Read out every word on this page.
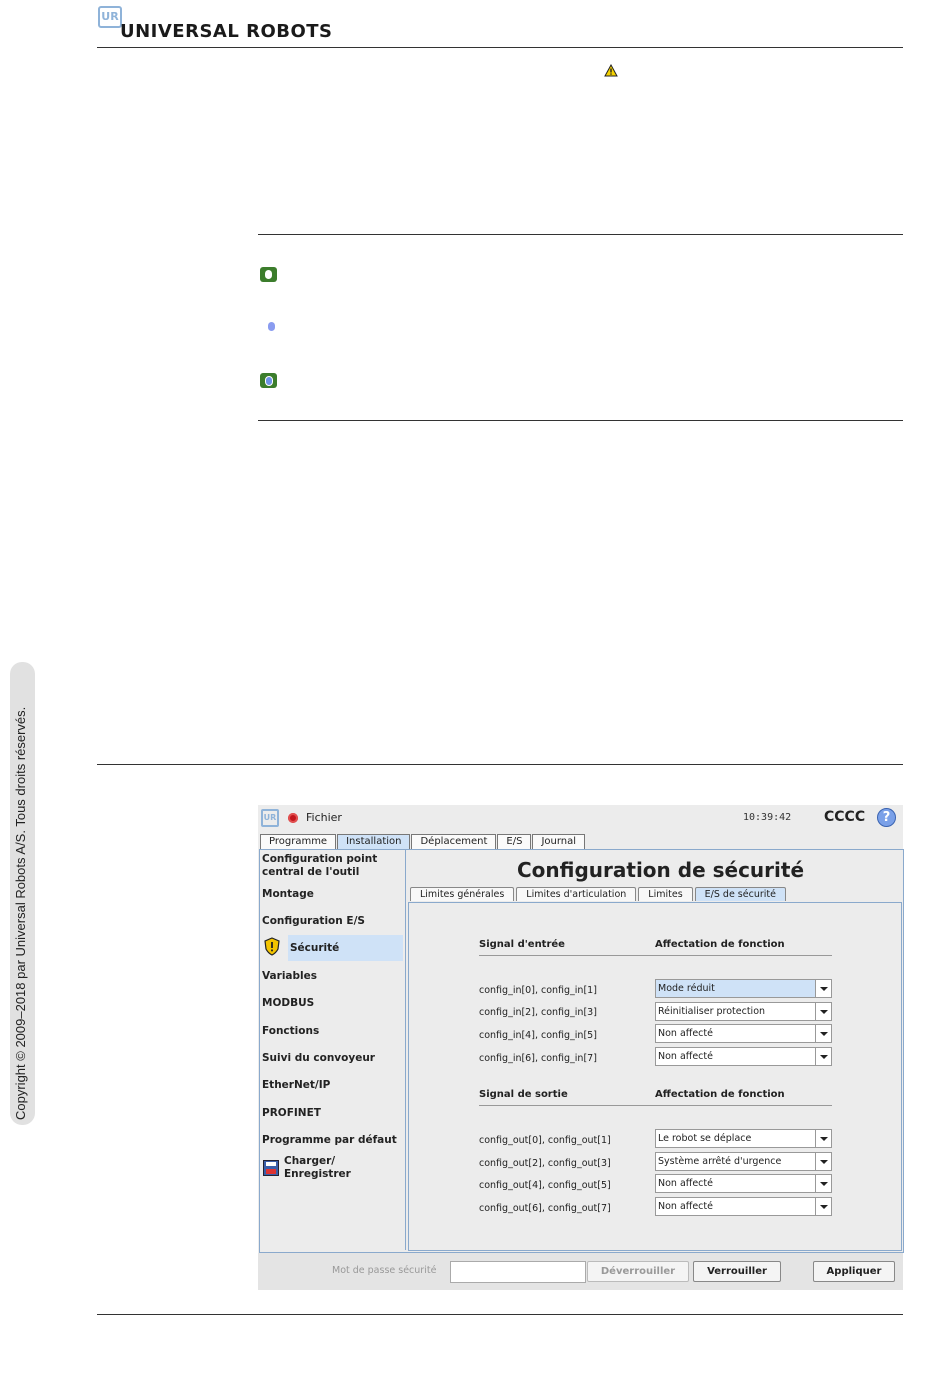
UR
UNIVERSAL ROBOTS
Copyright © 2009–2018 par Universal Robots A/S. Tous droits réservés.	UR	Fichier	10:39:42 CCCC	?
Programme	Installation	Déplacement	E/S	Journal
Configuration point central de l'outil
Montage
Configuration E/S
Sécurité
Variables
MODBUS
Fonctions
Suivi du convoyeur
EtherNet/IP
PROFINET
Programme par défaut
Charger/ Enregistrer
Configuration de sécurité
Limites générales	Limites d'articulation	Limites	E/S de sécurité
Signal d'entrée	Affectation de fonction
config_in[0], config_in[1]	Mode réduit
config_in[2], config_in[3]	Réinitialiser protection
config_in[4], config_in[5]	Non affecté
config_in[6], config_in[7]	Non affecté
Signal de sortie	Affectation de fonction
config_out[0], config_out[1]	Le robot se déplace
config_out[2], config_out[3]	Système arrêté d'urgence
config_out[4], config_out[5]	Non affecté
config_out[6], config_out[7]	Non affecté
Mot de passe sécurité	Déverrouiller	Verrouiller	Appliquer
